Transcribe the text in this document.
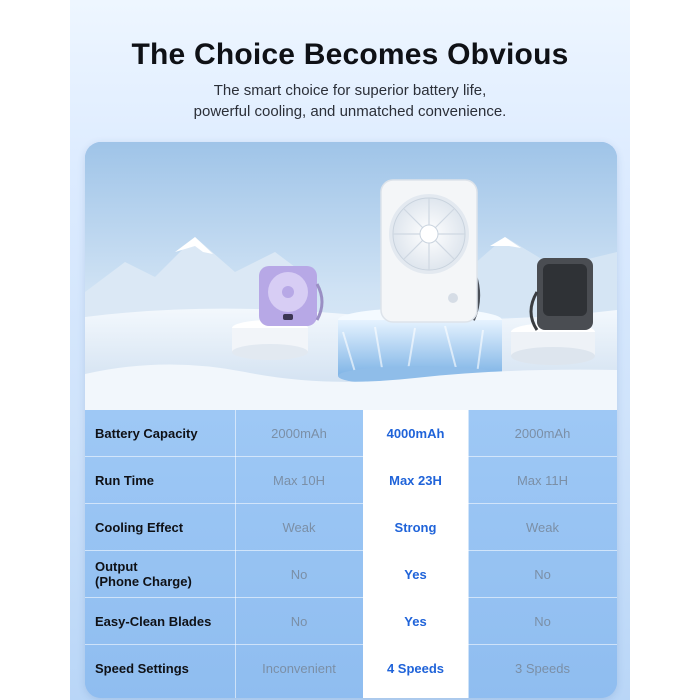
The Choice Becomes Obvious
The smart choice for superior battery life,
powerful cooling, and unmatched convenience.
Battery Capacity	2000mAh	4000mAh	2000mAh
Run Time	Max 10H	Max 23H	Max 11H
Cooling Effect	Weak	Strong	Weak
Output
(Phone Charge)	No	Yes	No
Easy-Clean Blades	No	Yes	No
Speed Settings	Inconvenient	4 Speeds	3 Speeds
